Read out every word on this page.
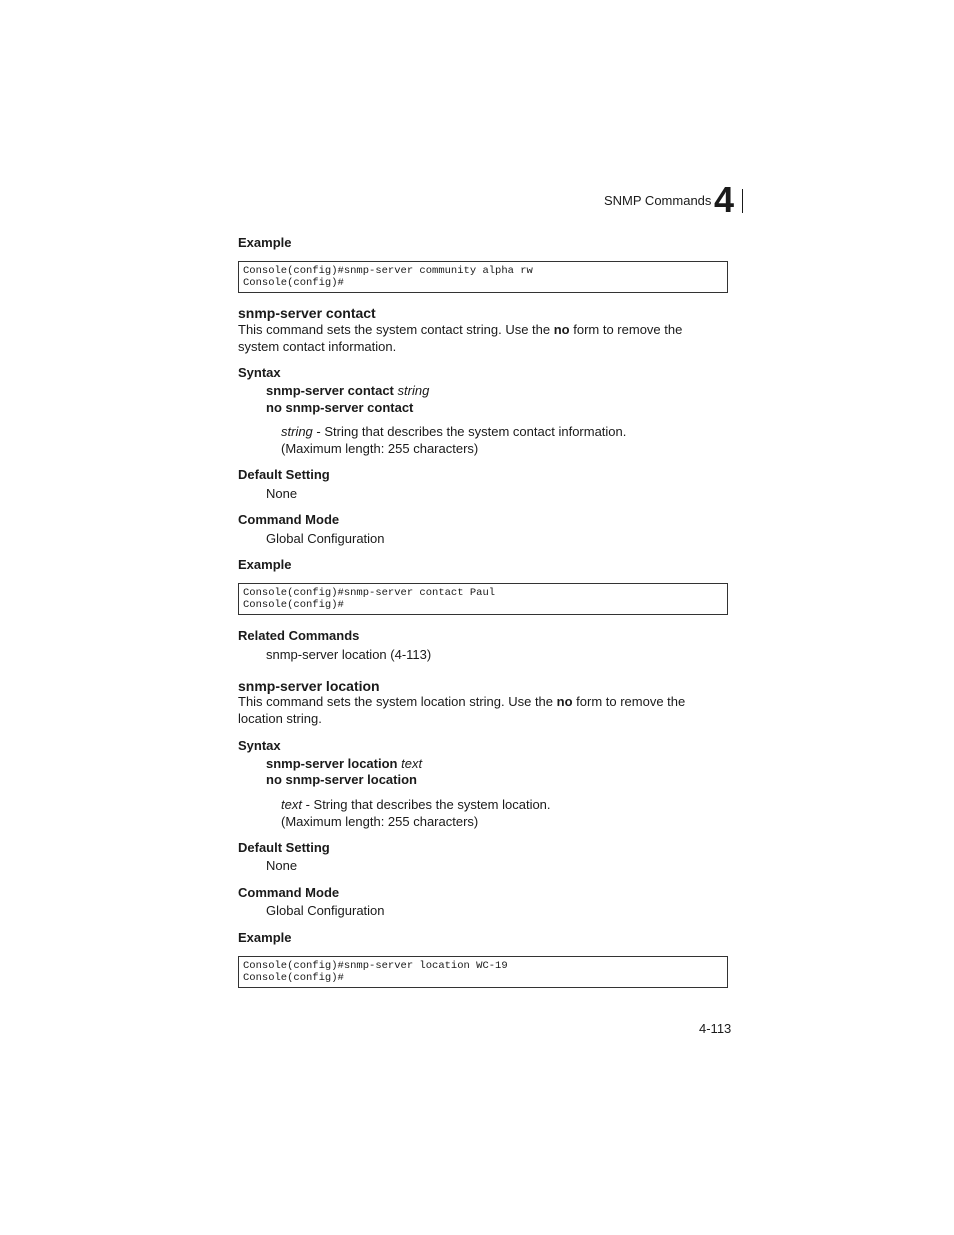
SNMP Commands 4
Example
Console(config)#snmp-server community alpha rw
Console(config)#
snmp-server contact
This command sets the system contact string. Use the no form to remove the
system contact information.
Syntax
snmp-server contact string
no snmp-server contact
string - String that describes the system contact information.
(Maximum length: 255 characters)
Default Setting
None
Command Mode
Global Configuration
Example
Console(config)#snmp-server contact Paul
Console(config)#
Related Commands
snmp-server location (4-113)
snmp-server location
This command sets the system location string. Use the no form to remove the
location string.
Syntax
snmp-server location text
no snmp-server location
text - String that describes the system location.
(Maximum length: 255 characters)
Default Setting
None
Command Mode
Global Configuration
Example
Console(config)#snmp-server location WC-19
Console(config)#
4-113
